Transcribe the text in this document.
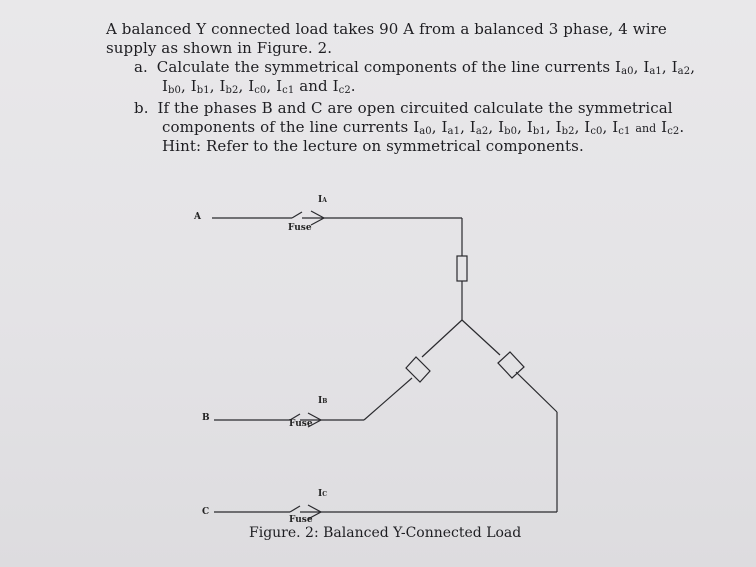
A balanced Y connected load takes 90 A from a balanced 3 phase, 4 wire
supply as shown in Figure. 2.
a. Calculate the symmetrical components of the line currents $I_{a0}$, $I_{a1}$, $I_{a2}$,
$I_{b0}$, $I_{b1}$, $I_{b2}$, $I_{c0}$, $I_{c1}$ and $I_{c2}$.
b. If the phases B and C are open circuited calculate the symmetrical
components of the line currents $I_{a0}$, $I_{a1}$, $I_{a2}$, $I_{b0}$, $I_{b1}$, $I_{b2}$, $I_{c0}$, $I_{c1}$ and $I_{c2}$.
Hint: Refer to the lecture on symmetrical components.
A
B
C
IA
IB
IC
Fuse
Fuse
Fuse
Figure. 2: Balanced Y-Connected Load
